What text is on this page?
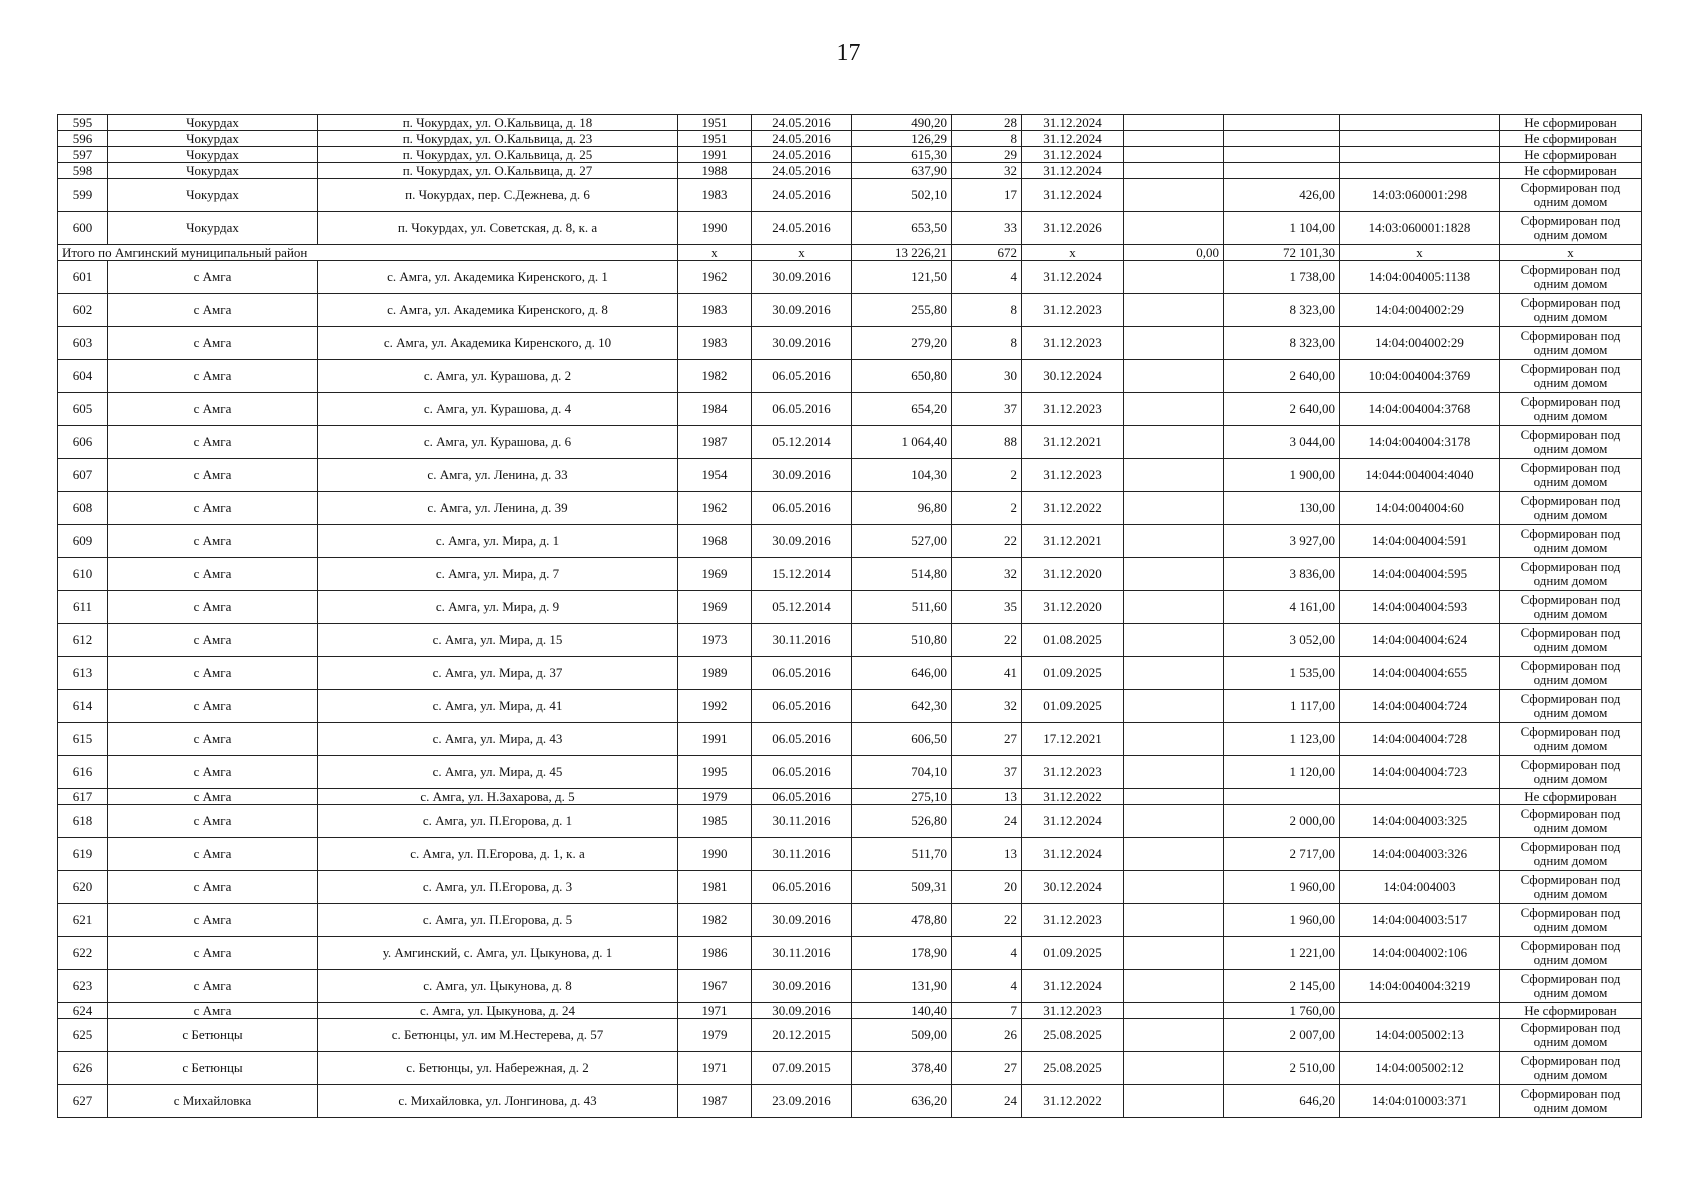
17
595	Чокурдах	п. Чокурдах, ул. О.Кальвица, д. 18	1951	24.05.2016	490,20	28	31.12.2024				Не сформирован
596	Чокурдах	п. Чокурдах, ул. О.Кальвица, д. 23	1951	24.05.2016	126,29	8	31.12.2024				Не сформирован
597	Чокурдах	п. Чокурдах, ул. О.Кальвица, д. 25	1991	24.05.2016	615,30	29	31.12.2024				Не сформирован
598	Чокурдах	п. Чокурдах, ул. О.Кальвица, д. 27	1988	24.05.2016	637,90	32	31.12.2024				Не сформирован
599	Чокурдах	п. Чокурдах, пер. С.Дежнева, д. 6	1983	24.05.2016	502,10	17	31.12.2024		426,00	14:03:060001:298	Сформирован под одним домом
600	Чокурдах	п. Чокурдах, ул. Советская, д. 8, к. а	1990	24.05.2016	653,50	33	31.12.2026		1 104,00	14:03:060001:1828	Сформирован под одним домом
Итого по Амгинский муниципальный район			x	x	13 226,21	672	x	0,00	72 101,30	x	x
601	с Амга	с. Амга, ул. Академика Киренского, д. 1	1962	30.09.2016	121,50	4	31.12.2024		1 738,00	14:04:004005:1138	Сформирован под одним домом
602	с Амга	с. Амга, ул. Академика Киренского, д. 8	1983	30.09.2016	255,80	8	31.12.2023		8 323,00	14:04:004002:29	Сформирован под одним домом
603	с Амга	с. Амга, ул. Академика Киренского, д. 10	1983	30.09.2016	279,20	8	31.12.2023		8 323,00	14:04:004002:29	Сформирован под одним домом
604	с Амга	с. Амга, ул. Курашова, д. 2	1982	06.05.2016	650,80	30	30.12.2024		2 640,00	10:04:004004:3769	Сформирован под одним домом
605	с Амга	с. Амга, ул. Курашова, д. 4	1984	06.05.2016	654,20	37	31.12.2023		2 640,00	14:04:004004:3768	Сформирован под одним домом
606	с Амга	с. Амга, ул. Курашова, д. 6	1987	05.12.2014	1 064,40	88	31.12.2021		3 044,00	14:04:004004:3178	Сформирован под одним домом
607	с Амга	с. Амга, ул. Ленина, д. 33	1954	30.09.2016	104,30	2	31.12.2023		1 900,00	14:044:004004:4040	Сформирован под одним домом
608	с Амга	с. Амга, ул. Ленина, д. 39	1962	06.05.2016	96,80	2	31.12.2022		130,00	14:04:004004:60	Сформирован под одним домом
609	с Амга	с. Амга, ул. Мира, д. 1	1968	30.09.2016	527,00	22	31.12.2021		3 927,00	14:04:004004:591	Сформирован под одним домом
610	с Амга	с. Амга, ул. Мира, д. 7	1969	15.12.2014	514,80	32	31.12.2020		3 836,00	14:04:004004:595	Сформирован под одним домом
611	с Амга	с. Амга, ул. Мира, д. 9	1969	05.12.2014	511,60	35	31.12.2020		4 161,00	14:04:004004:593	Сформирован под одним домом
612	с Амга	с. Амга, ул. Мира, д. 15	1973	30.11.2016	510,80	22	01.08.2025		3 052,00	14:04:004004:624	Сформирован под одним домом
613	с Амга	с. Амга, ул. Мира, д. 37	1989	06.05.2016	646,00	41	01.09.2025		1 535,00	14:04:004004:655	Сформирован под одним домом
614	с Амга	с. Амга, ул. Мира, д. 41	1992	06.05.2016	642,30	32	01.09.2025		1 117,00	14:04:004004:724	Сформирован под одним домом
615	с Амга	с. Амга, ул. Мира, д. 43	1991	06.05.2016	606,50	27	17.12.2021		1 123,00	14:04:004004:728	Сформирован под одним домом
616	с Амга	с. Амга, ул. Мира, д. 45	1995	06.05.2016	704,10	37	31.12.2023		1 120,00	14:04:004004:723	Сформирован под одним домом
617	с Амга	с. Амга, ул. Н.Захарова, д. 5	1979	06.05.2016	275,10	13	31.12.2022				Не сформирован
618	с Амга	с. Амга, ул. П.Егорова, д. 1	1985	30.11.2016	526,80	24	31.12.2024		2 000,00	14:04:004003:325	Сформирован под одним домом
619	с Амга	с. Амга, ул. П.Егорова, д. 1, к. а	1990	30.11.2016	511,70	13	31.12.2024		2 717,00	14:04:004003:326	Сформирован под одним домом
620	с Амга	с. Амга, ул. П.Егорова, д. 3	1981	06.05.2016	509,31	20	30.12.2024		1 960,00	14:04:004003	Сформирован под одним домом
621	с Амга	с. Амга, ул. П.Егорова, д. 5	1982	30.09.2016	478,80	22	31.12.2023		1 960,00	14:04:004003:517	Сформирован под одним домом
622	с Амга	у. Амгинский, с. Амга, ул. Цыкунова, д. 1	1986	30.11.2016	178,90	4	01.09.2025		1 221,00	14:04:004002:106	Сформирован под одним домом
623	с Амга	с. Амга, ул. Цыкунова, д. 8	1967	30.09.2016	131,90	4	31.12.2024		2 145,00	14:04:004004:3219	Сформирован под одним домом
624	с Амга	с. Амга, ул. Цыкунова, д. 24	1971	30.09.2016	140,40	7	31.12.2023		1 760,00		Не сформирован
625	с Бетюнцы	с. Бетюнцы, ул. им М.Нестерева, д. 57	1979	20.12.2015	509,00	26	25.08.2025		2 007,00	14:04:005002:13	Сформирован под одним домом
626	с Бетюнцы	с. Бетюнцы, ул. Набережная, д. 2	1971	07.09.2015	378,40	27	25.08.2025		2 510,00	14:04:005002:12	Сформирован под одним домом
627	с Михайловка	с. Михайловка, ул. Лонгинова, д. 43	1987	23.09.2016	636,20	24	31.12.2022		646,20	14:04:010003:371	Сформирован под одним домом
